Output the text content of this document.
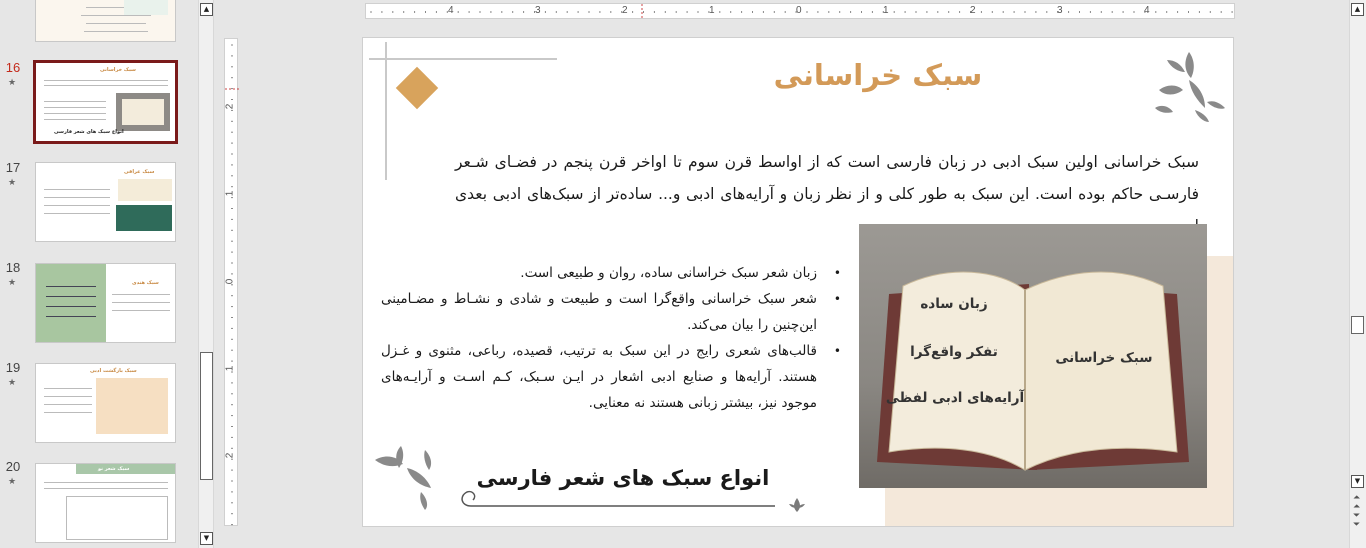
16
★
سبک خراسانی
انواع سبک های شعر فارسی
17
★
سبک عراقی
18
★	سبک هندی
19
★
سبک بازگشت ادبی
20
★
سبک شعر نو
▲
▼
4	3	2	1	0	1	2	3	4
2
1
0
1
2
▲
▼
⏶
⏶
⏷
⏷
سبک خراسانی
سبک خراسانی اولین سبک ادبی در زبان فارسی است که از اواسط قرن سوم تا اواخر قرن پنجم در فضـای شـعر فارسـی حاکم بوده است. این سبک به طور کلی و از نظر زبان و آرایه‌های ادبی و... ساده‌تر از سبک‌های ادبی بعدی
زبان ساده
تفکر واقع‌گرا
آرایه‌های ادبی لفظی
سبک خراسانی
• زبان شعر سبک خراسانی ساده، روان و طبیعی است.
• شعر سبک خراسانی واقع‌گرا است و طبیعت و شادی و نشـاط و مضـامینی این‌چنین را بیان می‌کند.
• قالب‌های شعری رایج در این سبک به ترتیب، قصیده، رباعی، مثنوی و غـزل هستند. آرایه‌ها و صنایع ادبی اشعار در ایـن سـبک، کـم اسـت و آرایـه‌های موجود نیز، بیشتر زبانی هستند نه معنایی.
انواع سبک های شعر فارسی
